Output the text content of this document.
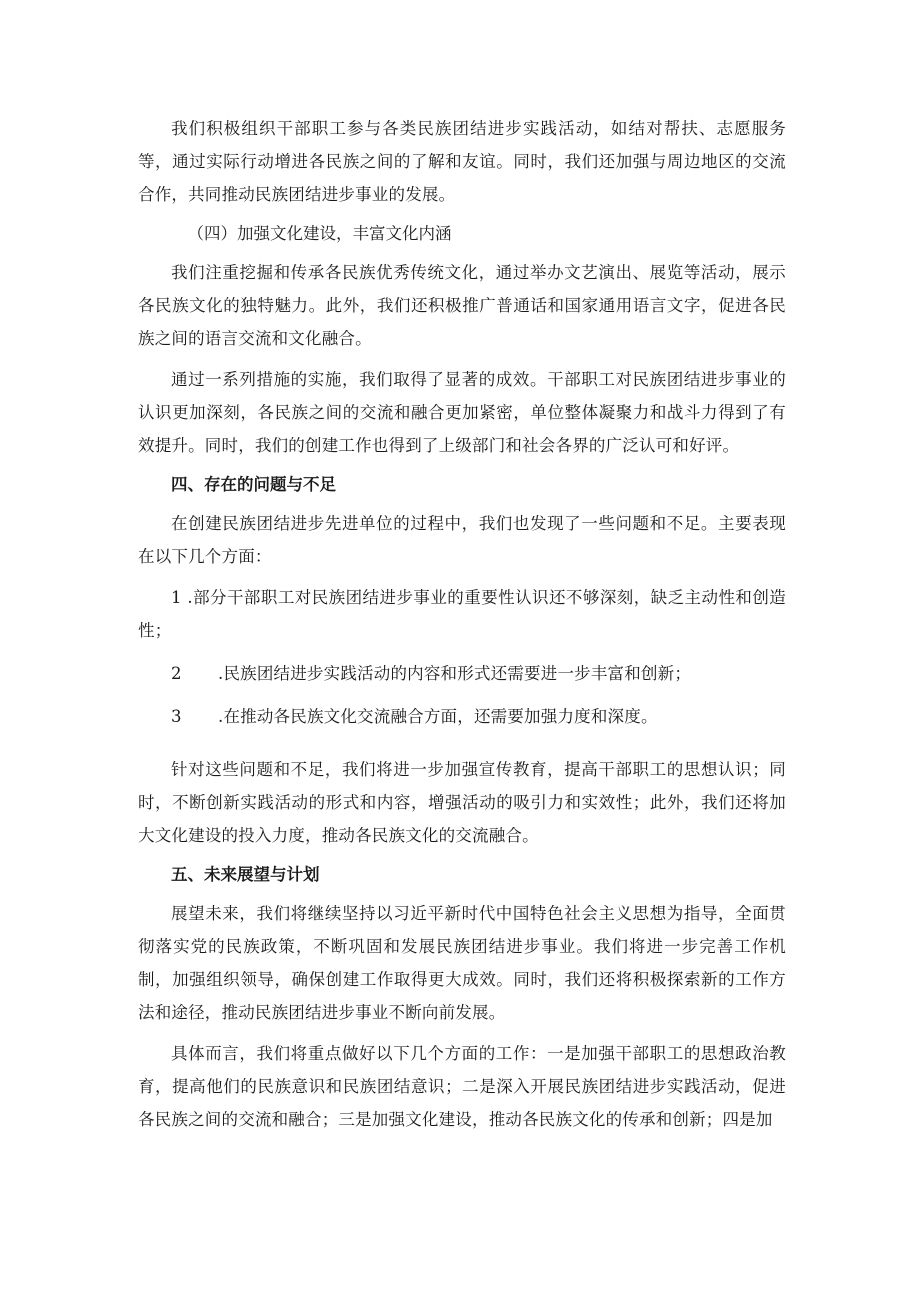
我们积极组织干部职工参与各类民族团结进步实践活动，如结对帮扶、志愿服务等，通过实际行动增进各民族之间的了解和友谊。同时，我们还加强与周边地区的交流合作，共同推动民族团结进步事业的发展。

（四）加强文化建设，丰富文化内涵

我们注重挖掘和传承各民族优秀传统文化，通过举办文艺演出、展览等活动，展示各民族文化的独特魅力。此外，我们还积极推广普通话和国家通用语言文字，促进各民族之间的语言交流和文化融合。

通过一系列措施的实施，我们取得了显著的成效。干部职工对民族团结进步事业的认识更加深刻，各民族之间的交流和融合更加紧密，单位整体凝聚力和战斗力得到了有效提升。同时，我们的创建工作也得到了上级部门和社会各界的广泛认可和好评。

四、存在的问题与不足

在创建民族团结进步先进单位的过程中，我们也发现了一些问题和不足。主要表现在以下几个方面：

1 .部分干部职工对民族团结进步事业的重要性认识还不够深刻，缺乏主动性和创造性；

2	.民族团结进步实践活动的内容和形式还需要进一步丰富和创新；

3	.在推动各民族文化交流融合方面，还需要加强力度和深度。

针对这些问题和不足，我们将进一步加强宣传教育，提高干部职工的思想认识；同时，不断创新实践活动的形式和内容，增强活动的吸引力和实效性；此外，我们还将加大文化建设的投入力度，推动各民族文化的交流融合。

五、未来展望与计划

展望未来，我们将继续坚持以习近平新时代中国特色社会主义思想为指导，全面贯彻落实党的民族政策，不断巩固和发展民族团结进步事业。我们将进一步完善工作机制，加强组织领导，确保创建工作取得更大成效。同时，我们还将积极探索新的工作方法和途径，推动民族团结进步事业不断向前发展。

具体而言，我们将重点做好以下几个方面的工作：一是加强干部职工的思想政治教育，提高他们的民族意识和民族团结意识；二是深入开展民族团结进步实践活动，促进各民族之间的交流和融合；三是加强文化建设，推动各民族文化的传承和创新；四是加
